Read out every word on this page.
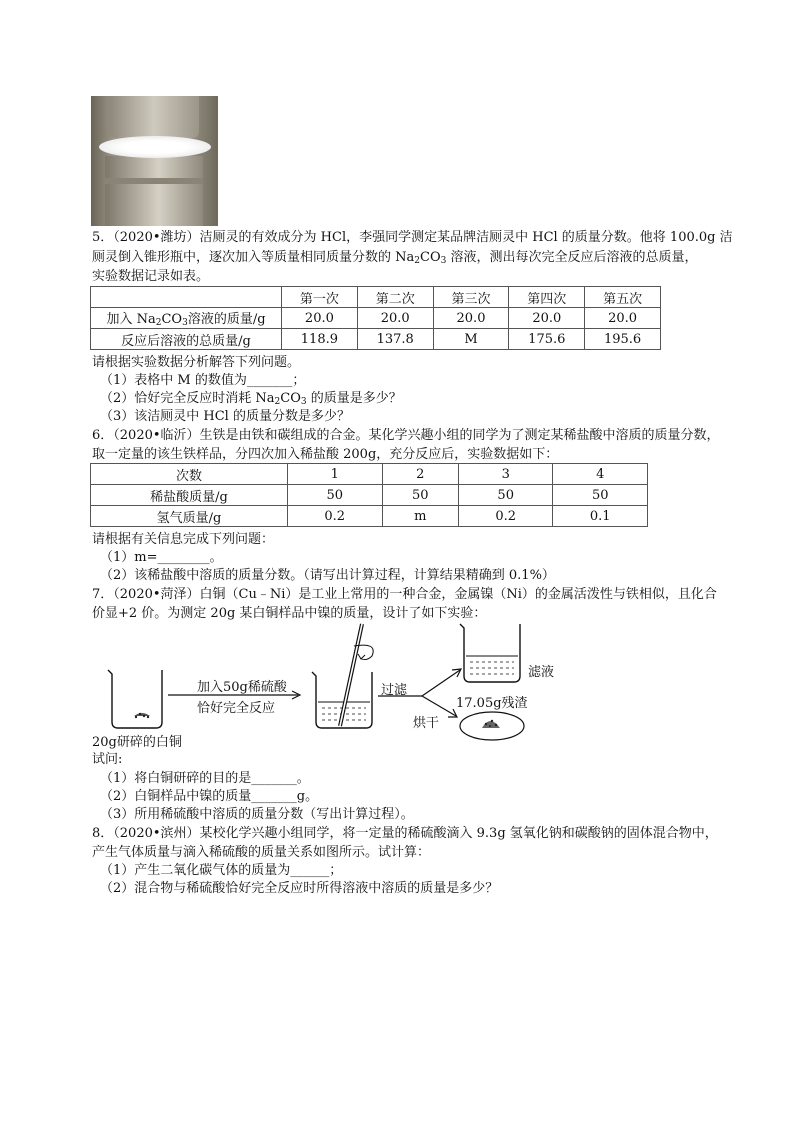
5．（2020•潍坊）洁厕灵的有效成分为 HCl，李强同学测定某品牌洁厕灵中 HCl 的质量分数。他将 100.0g 洁
厕灵倒入锥形瓶中，逐次加入等质量相同质量分数的 $Na_2CO_3$ 溶液，测出每次完全反应后溶液的总质量，
实验数据记录如表。
	第一次	第二次	第三次	第四次	第五次
加入 $Na_2CO_3$溶液的质量/g	20.0	20.0	20.0	20.0	20.0
反应后溶液的总质量/g	118.9	137.8	M	175.6	195.6
请根据实验数据分析解答下列问题。
（1）表格中 M 的数值为_______；
（2）恰好完全反应时消耗 $Na_2CO_3$ 的质量是多少？
（3）该洁厕灵中 HCl 的质量分数是多少？
6．（2020•临沂）生铁是由铁和碳组成的合金。某化学兴趣小组的同学为了测定某稀盐酸中溶质的质量分数，
取一定量的该生铁样品，分四次加入稀盐酸 200g，充分反应后，实验数据如下：
次数	1	2	3	4
稀盐酸质量/g	50	50	50	50
氢气质量/g	0.2	m	0.2	0.1
请根据有关信息完成下列问题：
（1）m=________。
（2）该稀盐酸中溶质的质量分数。（请写出计算过程，计算结果精确到 0.1%）
7．（2020•菏泽）白铜（Cu﹣Ni）是工业上常用的一种合金，金属镍（Ni）的金属活泼性与铁相似，且化合
价显+2 价。为测定 20g 某白铜样品中镍的质量，设计了如下实验：
加入50g稀硫酸
恰好完全反应
过滤
烘干
滤液
17.05g残渣
20g研碎的白铜
试问:
（1）将白铜研碎的目的是_______。
（2）白铜样品中镍的质量_______g。
（3）所用稀硫酸中溶质的质量分数（写出计算过程）。
8．（2020•滨州）某校化学兴趣小组同学，将一定量的稀硫酸滴入 9.3g 氢氧化钠和碳酸钠的固体混合物中，
产生气体质量与滴入稀硫酸的质量关系如图所示。试计算：
（1）产生二氧化碳气体的质量为______；
（2）混合物与稀硫酸恰好完全反应时所得溶液中溶质的质量是多少？
